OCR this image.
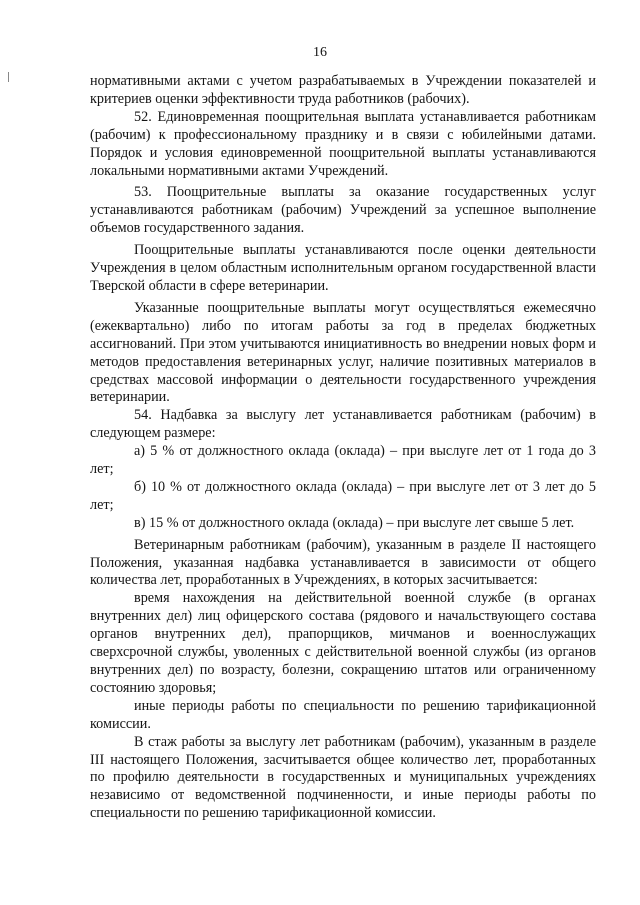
16

нормативными актами с учетом разрабатываемых в Учреждении показателей и критериев оценки эффективности труда работников (рабочих).

52. Единовременная поощрительная выплата устанавливается работникам (рабочим) к профессиональному празднику и в связи с юбилейными датами. Порядок и условия единовременной поощрительной выплаты устанавливаются локальными нормативными актами Учреждений.

53. Поощрительные выплаты за оказание государственных услуг устанавливаются работникам (рабочим) Учреждений за успешное выполнение объемов государственного задания.

Поощрительные выплаты устанавливаются после оценки деятельности Учреждения в целом областным исполнительным органом государственной власти Тверской области в сфере ветеринарии.

Указанные поощрительные выплаты могут осуществляться ежемесячно (ежеквартально) либо по итогам работы за год в пределах бюджетных ассигнований. При этом учитываются инициативность во внедрении новых форм и методов предоставления ветеринарных услуг, наличие позитивных материалов в средствах массовой информации о деятельности государственного учреждения ветеринарии.

54. Надбавка за выслугу лет устанавливается работникам (рабочим) в следующем размере:

а) 5 % от должностного оклада (оклада) – при выслуге лет от 1 года до 3 лет;

б) 10 % от должностного оклада (оклада) – при выслуге лет от 3 лет до 5 лет;

в) 15 % от должностного оклада (оклада) – при выслуге лет свыше 5 лет.

Ветеринарным работникам (рабочим), указанным в разделе II настоящего Положения, указанная надбавка устанавливается в зависимости от общего количества лет, проработанных в Учреждениях, в которых засчитывается:

время нахождения на действительной военной службе (в органах внутренних дел) лиц офицерского состава (рядового и начальствующего состава органов внутренних дел), прапорщиков, мичманов и военнослужащих сверхсрочной службы, уволенных с действительной военной службы (из органов внутренних дел) по возрасту, болезни, сокращению штатов или ограниченному состоянию здоровья;

иные периоды работы по специальности по решению тарификационной комиссии.

В стаж работы за выслугу лет работникам (рабочим), указанным в разделе III настоящего Положения, засчитывается общее количество лет, проработанных по профилю деятельности в государственных и муниципальных учреждениях независимо от ведомственной подчиненности, и иные периоды работы по специальности по решению тарификационной комиссии.
